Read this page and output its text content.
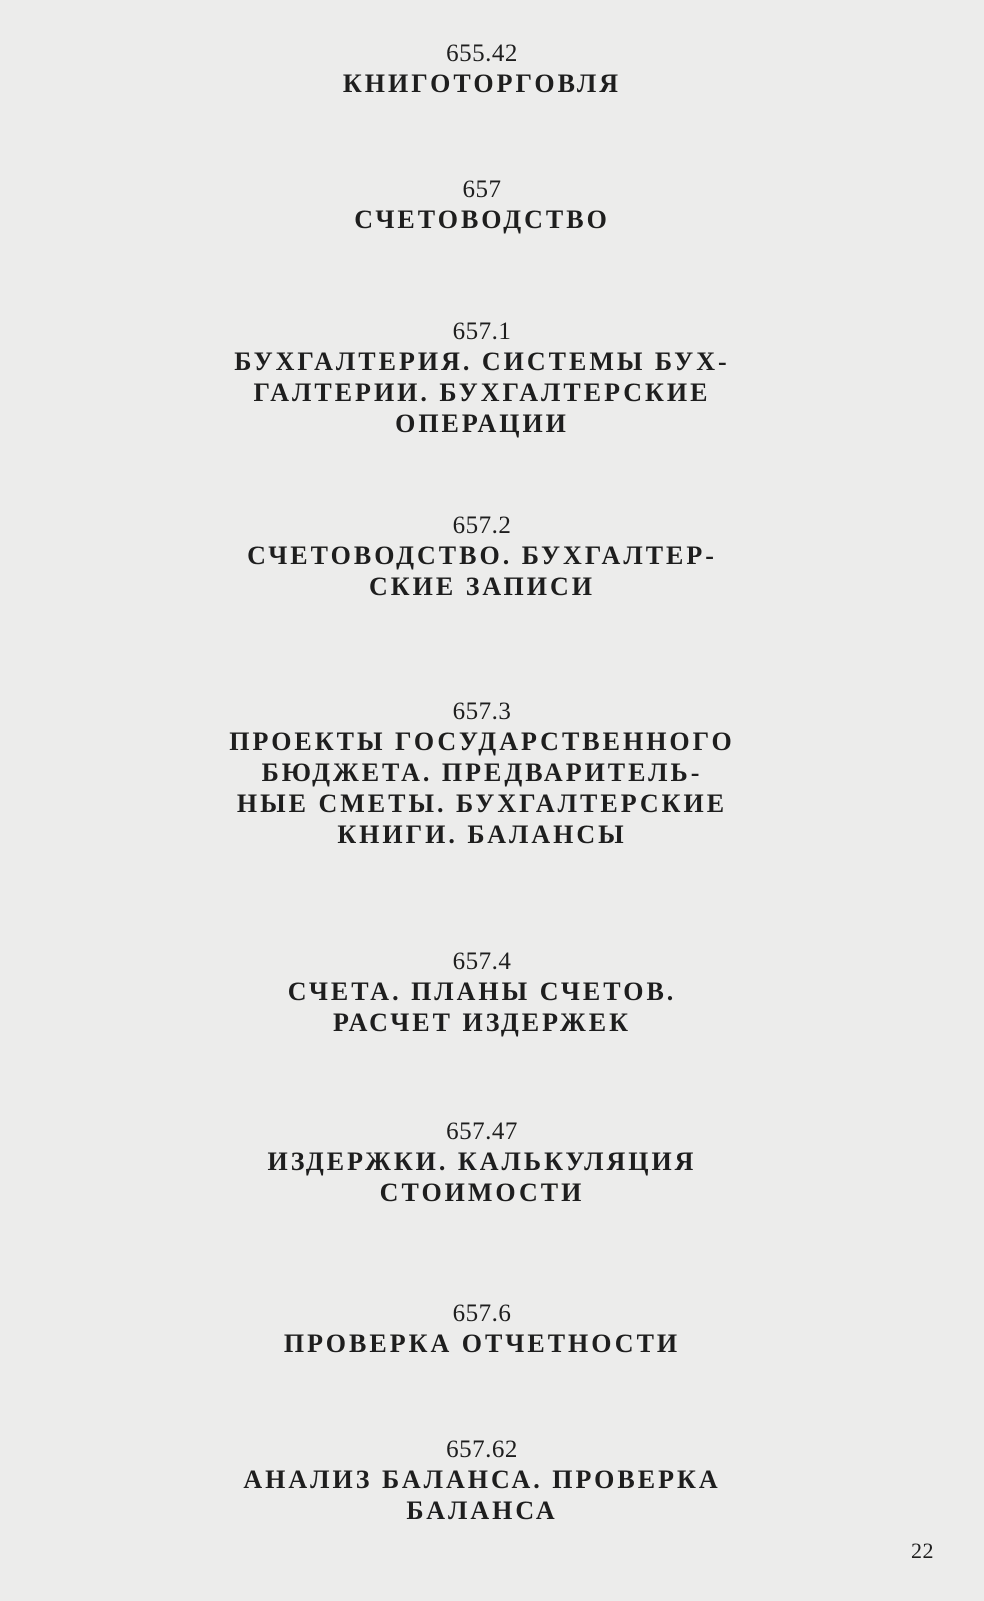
655.42
КНИГОТОРГОВЛЯ
657
СЧЕТОВОДСТВО
657.1
БУХГАЛТЕРИЯ. СИСТЕМЫ БУХ-
ГАЛТЕРИИ. БУХГАЛТЕРСКИЕ
ОПЕРАЦИИ
657.2
СЧЕТОВОДСТВО. БУХГАЛТЕР-
СКИЕ ЗАПИСИ
657.3
ПРОЕКТЫ ГОСУДАРСТВЕННОГО
БЮДЖЕТА. ПРЕДВАРИТЕЛЬ-
НЫЕ СМЕТЫ. БУХГАЛТЕРСКИЕ
КНИГИ. БАЛАНСЫ
657.4
СЧЕТА. ПЛАНЫ СЧЕТОВ.
РАСЧЕТ ИЗДЕРЖЕК
657.47
ИЗДЕРЖКИ. КАЛЬКУЛЯЦИЯ
СТОИМОСТИ
657.6
ПРОВЕРКА ОТЧЕТНОСТИ
657.62
АНАЛИЗ БАЛАНСА. ПРОВЕРКА
БАЛАНСА
22
